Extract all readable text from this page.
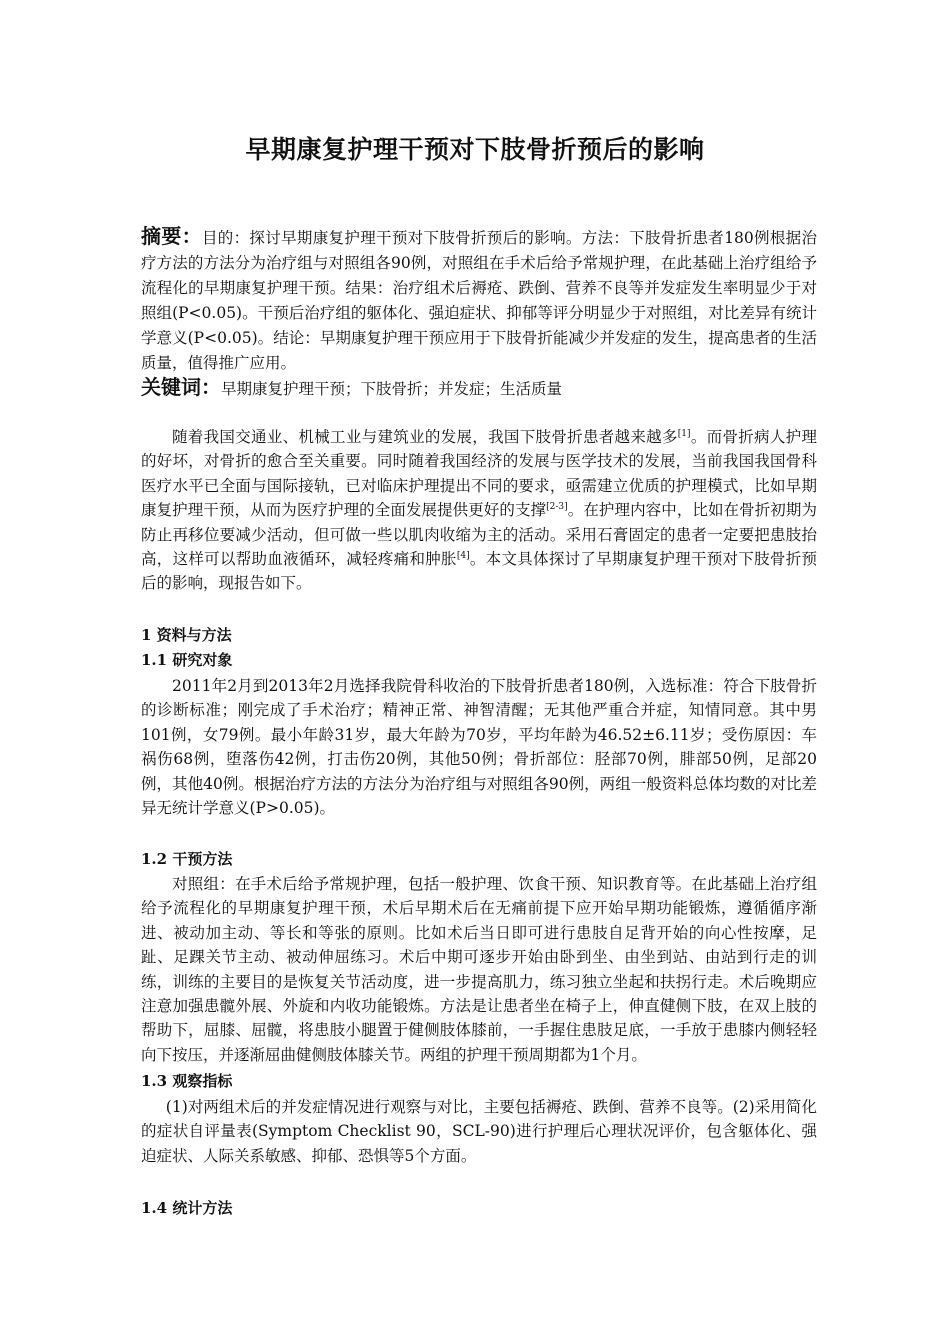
早期康复护理干预对下肢骨折预后的影响
摘要：目的：探讨早期康复护理干预对下肢骨折预后的影响。方法：下肢骨折患者180例根据治疗方法的方法分为治疗组与对照组各90例，对照组在手术后给予常规护理，在此基础上治疗组给予流程化的早期康复护理干预。结果：治疗组术后褥疮、跌倒、营养不良等并发症发生率明显少于对照组(P<0.05)。干预后治疗组的躯体化、强迫症状、抑郁等评分明显少于对照组，对比差异有统计学意义(P<0.05)。结论：早期康复护理干预应用于下肢骨折能减少并发症的发生，提高患者的生活质量，值得推广应用。
关键词：早期康复护理干预；下肢骨折；并发症；生活质量
随着我国交通业、机械工业与建筑业的发展，我国下肢骨折患者越来越多[1]。而骨折病人护理的好坏，对骨折的愈合至关重要。同时随着我国经济的发展与医学技术的发展，当前我国我国骨科医疗水平已全面与国际接轨，已对临床护理提出不同的要求，亟需建立优质的护理模式，比如早期康复护理干预，从而为医疗护理的全面发展提供更好的支撑[2-3]。在护理内容中，比如在骨折初期为防止再移位要减少活动，但可做一些以肌肉收缩为主的活动。采用石膏固定的患者一定要把患肢抬高，这样可以帮助血液循环，减轻疼痛和肿胀[4]。本文具体探讨了早期康复护理干预对下肢骨折预后的影响，现报告如下。
1 资料与方法
1.1 研究对象
2011年2月到2013年2月选择我院骨科收治的下肢骨折患者180例，入选标准：符合下肢骨折的诊断标准；刚完成了手术治疗；精神正常、神智清醒；无其他严重合并症，知情同意。其中男101例，女79例。最小年龄31岁，最大年龄为70岁，平均年龄为46.52±6.11岁；受伤原因：车祸伤68例，堕落伤42例，打击伤20例，其他50例；骨折部位：胫部70例，腓部50例，足部20例，其他40例。根据治疗方法的方法分为治疗组与对照组各90例，两组一般资料总体均数的对比差异无统计学意义(P>0.05)。
1.2 干预方法
对照组：在手术后给予常规护理，包括一般护理、饮食干预、知识教育等。在此基础上治疗组给予流程化的早期康复护理干预，术后早期术后在无痛前提下应开始早期功能锻炼，遵循循序渐进、被动加主动、等长和等张的原则。比如术后当日即可进行患肢自足背开始的向心性按摩，足趾、足踝关节主动、被动伸屈练习。术后中期可逐步开始由卧到坐、由坐到站、由站到行走的训练，训练的主要目的是恢复关节活动度，进一步提高肌力，练习独立坐起和扶拐行走。术后晚期应注意加强患髋外展、外旋和内收功能锻炼。方法是让患者坐在椅子上，伸直健侧下肢，在双上肢的帮助下，屈膝、屈髋，将患肢小腿置于健侧肢体膝前，一手握住患肢足底，一手放于患膝内侧轻轻向下按压，并逐渐屈曲健侧肢体膝关节。两组的护理干预周期都为1个月。
1.3 观察指标
(1)对两组术后的并发症情况进行观察与对比，主要包括褥疮、跌倒、营养不良等。(2)采用简化的症状自评量表(Symptom Checklist 90，SCL-90)进行护理后心理状况评价，包含躯体化、强迫症状、人际关系敏感、抑郁、恐惧等5个方面。
1.4 统计方法
